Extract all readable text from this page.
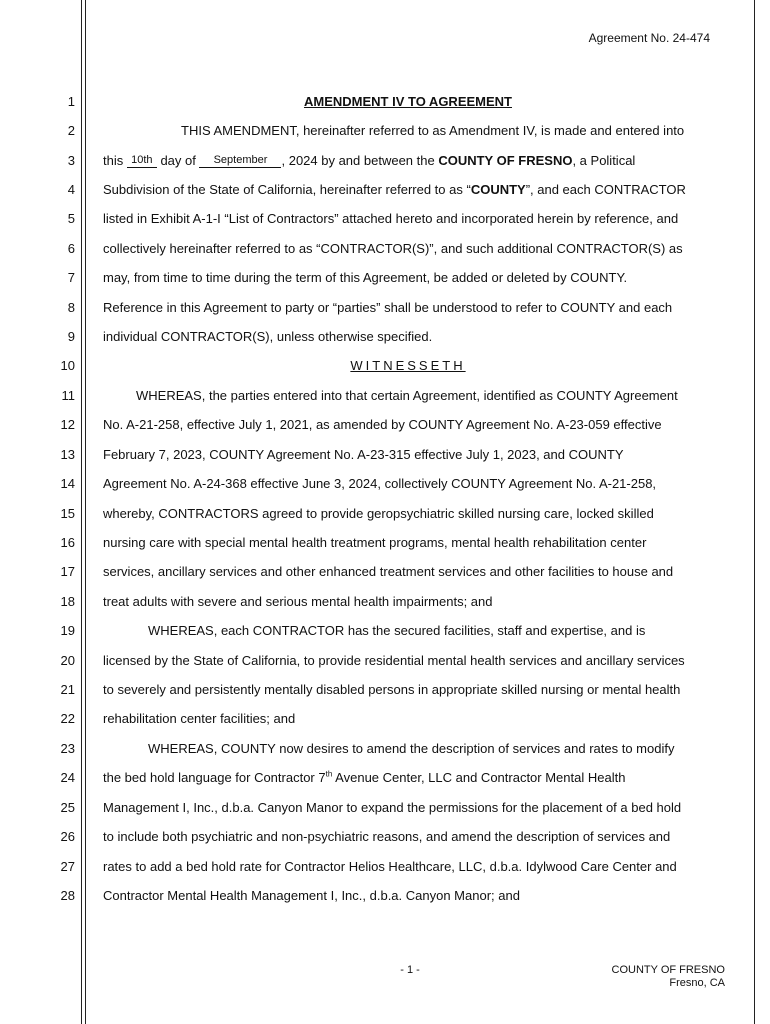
Agreement No. 24-474
1
2
3
4
5
6
7
8
9
10
11
12
13
14
15
16
17
18
19
20
21
22
23
24
25
26
27
28
AMENDMENT IV TO AGREEMENT
THIS AMENDMENT, hereinafter referred to as Amendment IV, is made and entered into
this 10th day of September , 2024 by and between the COUNTY OF FRESNO, a Political
Subdivision of the State of California, hereinafter referred to as “COUNTY”, and each CONTRACTOR
listed in Exhibit A-1-I “List of Contractors” attached hereto and incorporated herein by reference, and
collectively hereinafter referred to as “CONTRACTOR(S)”, and such additional CONTRACTOR(S) as
may, from time to time during the term of this Agreement, be added or deleted by COUNTY.
Reference in this Agreement to party or “parties” shall be understood to refer to COUNTY and each
individual CONTRACTOR(S), unless otherwise specified.
WITNESSETH
WHEREAS, the parties entered into that certain Agreement, identified as COUNTY Agreement
No. A-21-258, effective July 1, 2021, as amended by COUNTY Agreement No. A-23-059 effective
February 7, 2023, COUNTY Agreement No. A-23-315 effective July 1, 2023, and COUNTY
Agreement No. A-24-368 effective June 3, 2024, collectively COUNTY Agreement No. A-21-258,
whereby, CONTRACTORS agreed to provide geropsychiatric skilled nursing care, locked skilled
nursing care with special mental health treatment programs, mental health rehabilitation center
services, ancillary services and other enhanced treatment services and other facilities to house and
treat adults with severe and serious mental health impairments; and
WHEREAS, each CONTRACTOR has the secured facilities, staff and expertise, and is
licensed by the State of California, to provide residential mental health services and ancillary services
to severely and persistently mentally disabled persons in appropriate skilled nursing or mental health
rehabilitation center facilities; and
WHEREAS, COUNTY now desires to amend the description of services and rates to modify
the bed hold language for Contractor 7th Avenue Center, LLC and Contractor Mental Health
Management I, Inc., d.b.a. Canyon Manor to expand the permissions for the placement of a bed hold
to include both psychiatric and non-psychiatric reasons, and amend the description of services and
rates to add a bed hold rate for Contractor Helios Healthcare, LLC, d.b.a. Idylwood Care Center and
Contractor Mental Health Management I, Inc., d.b.a. Canyon Manor; and
- 1 -	COUNTY OF FRESNO
Fresno, CA
